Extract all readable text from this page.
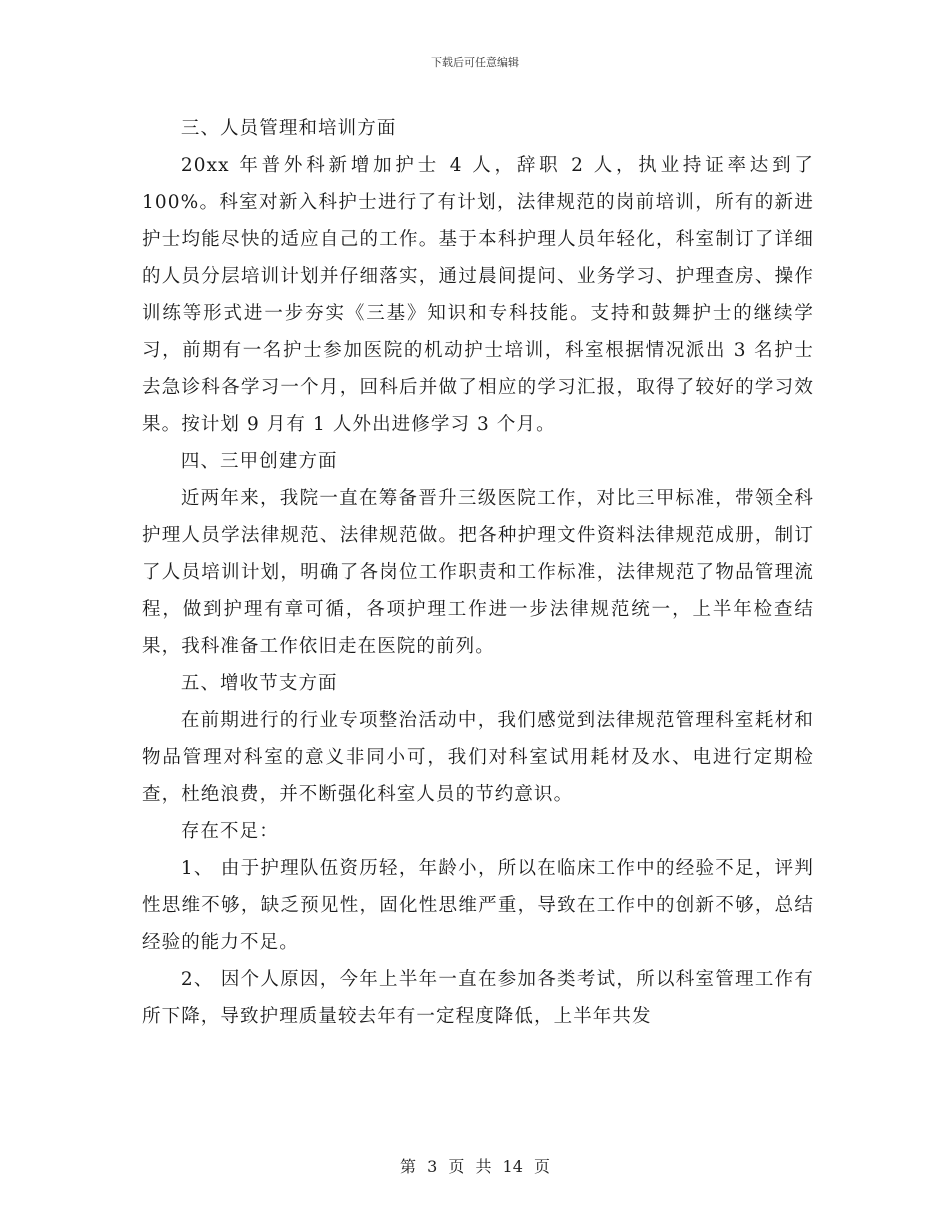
下载后可任意编辑

三、人员管理和培训方面

20xx 年普外科新增加护士 4 人，辞职 2 人，执业持证率达到了 100%。科室对新入科护士进行了有计划，法律规范的岗前培训，所有的新进护士均能尽快的适应自己的工作。基于本科护理人员年轻化，科室制订了详细的人员分层培训计划并仔细落实，通过晨间提问、业务学习、护理查房、操作训练等形式进一步夯实《三基》知识和专科技能。支持和鼓舞护士的继续学习，前期有一名护士参加医院的机动护士培训，科室根据情况派出 3 名护士去急诊科各学习一个月，回科后并做了相应的学习汇报，取得了较好的学习效果。按计划 9 月有 1 人外出进修学习 3 个月。

四、三甲创建方面

近两年来，我院一直在筹备晋升三级医院工作，对比三甲标准，带领全科护理人员学法律规范、法律规范做。把各种护理文件资料法律规范成册，制订了人员培训计划，明确了各岗位工作职责和工作标准，法律规范了物品管理流程，做到护理有章可循，各项护理工作进一步法律规范统一，上半年检查结果，我科准备工作依旧走在医院的前列。

五、增收节支方面

在前期进行的行业专项整治活动中，我们感觉到法律规范管理科室耗材和物品管理对科室的意义非同小可，我们对科室试用耗材及水、电进行定期检查，杜绝浪费，并不断强化科室人员的节约意识。

存在不足：

1、 由于护理队伍资历轻，年龄小，所以在临床工作中的经验不足，评判性思维不够，缺乏预见性，固化性思维严重，导致在工作中的创新不够，总结经验的能力不足。

2、 因个人原因，今年上半年一直在参加各类考试，所以科室管理工作有所下降，导致护理质量较去年有一定程度降低，上半年共发

第 3 页 共 14 页
